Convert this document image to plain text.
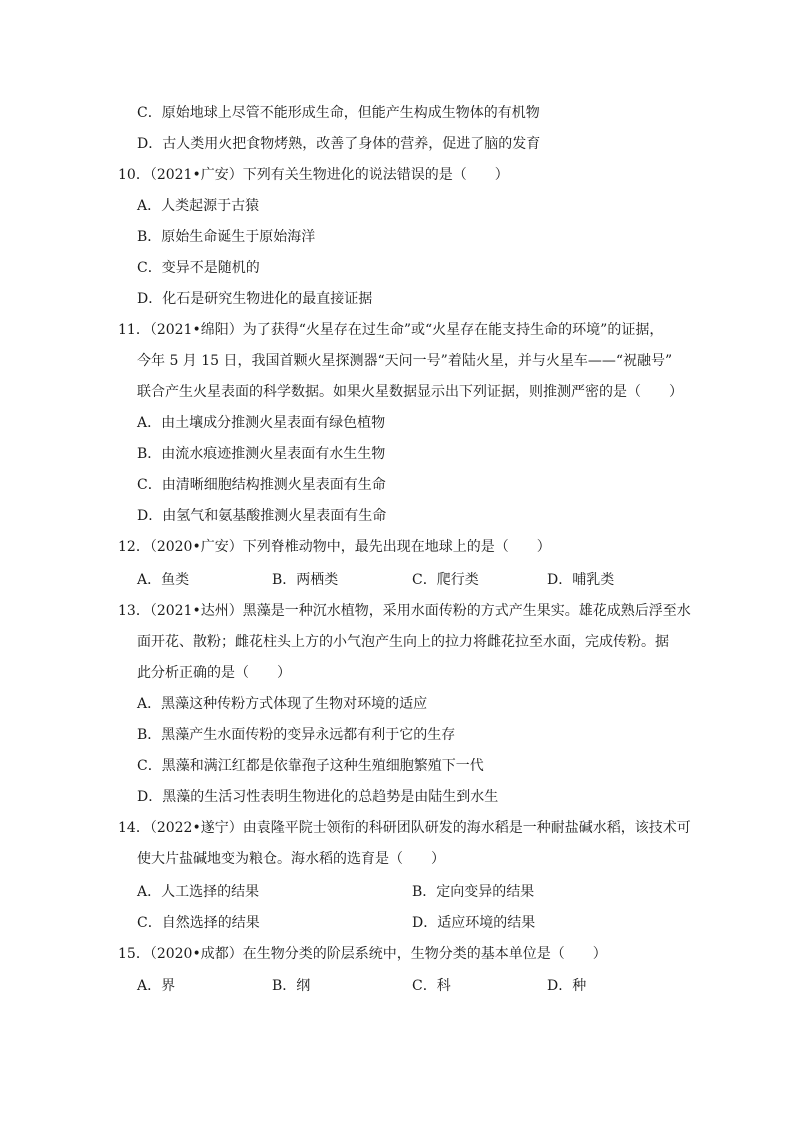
C．原始地球上尽管不能形成生命，但能产生构成生物体的有机物
D．古人类用火把食物烤熟，改善了身体的营养，促进了脑的发育
10．（2021•广安）下列有关生物进化的说法错误的是（　　）
A．人类起源于古猿
B．原始生命诞生于原始海洋
C．变异不是随机的
D．化石是研究生物进化的最直接证据
11．（2021•绵阳）为了获得“火星存在过生命”或“火星存在能支持生命的环境”的证据，
今年 5 月 15 日，我国首颗火星探测器“天问一号”着陆火星，并与火星车——“祝融号”
联合产生火星表面的科学数据。如果火星数据显示出下列证据，则推测严密的是（　　）
A．由土壤成分推测火星表面有绿色植物
B．由流水痕迹推测火星表面有水生生物
C．由清晰细胞结构推测火星表面有生命
D．由氢气和氨基酸推测火星表面有生命
12．（2020•广安）下列脊椎动物中，最先出现在地球上的是（　　）
A．鱼类	B．两栖类	C．爬行类	D．哺乳类
13．（2021•达州）黑藻是一种沉水植物，采用水面传粉的方式产生果实。雄花成熟后浮至水
面开花、散粉；雌花柱头上方的小气泡产生向上的拉力将雌花拉至水面，完成传粉。据
此分析正确的是（　　）
A．黑藻这种传粉方式体现了生物对环境的适应
B．黑藻产生水面传粉的变异永远都有利于它的生存
C．黑藻和满江红都是依靠孢子这种生殖细胞繁殖下一代
D．黑藻的生活习性表明生物进化的总趋势是由陆生到水生
14．（2022•遂宁）由袁隆平院士领衔的科研团队研发的海水稻是一种耐盐碱水稻，该技术可
使大片盐碱地变为粮仓。海水稻的选育是（　　）
A．人工选择的结果	B．定向变异的结果
C．自然选择的结果	D．适应环境的结果
15．（2020•成都）在生物分类的阶层系统中，生物分类的基本单位是（　　）
A．界	B．纲	C．科	D．种
